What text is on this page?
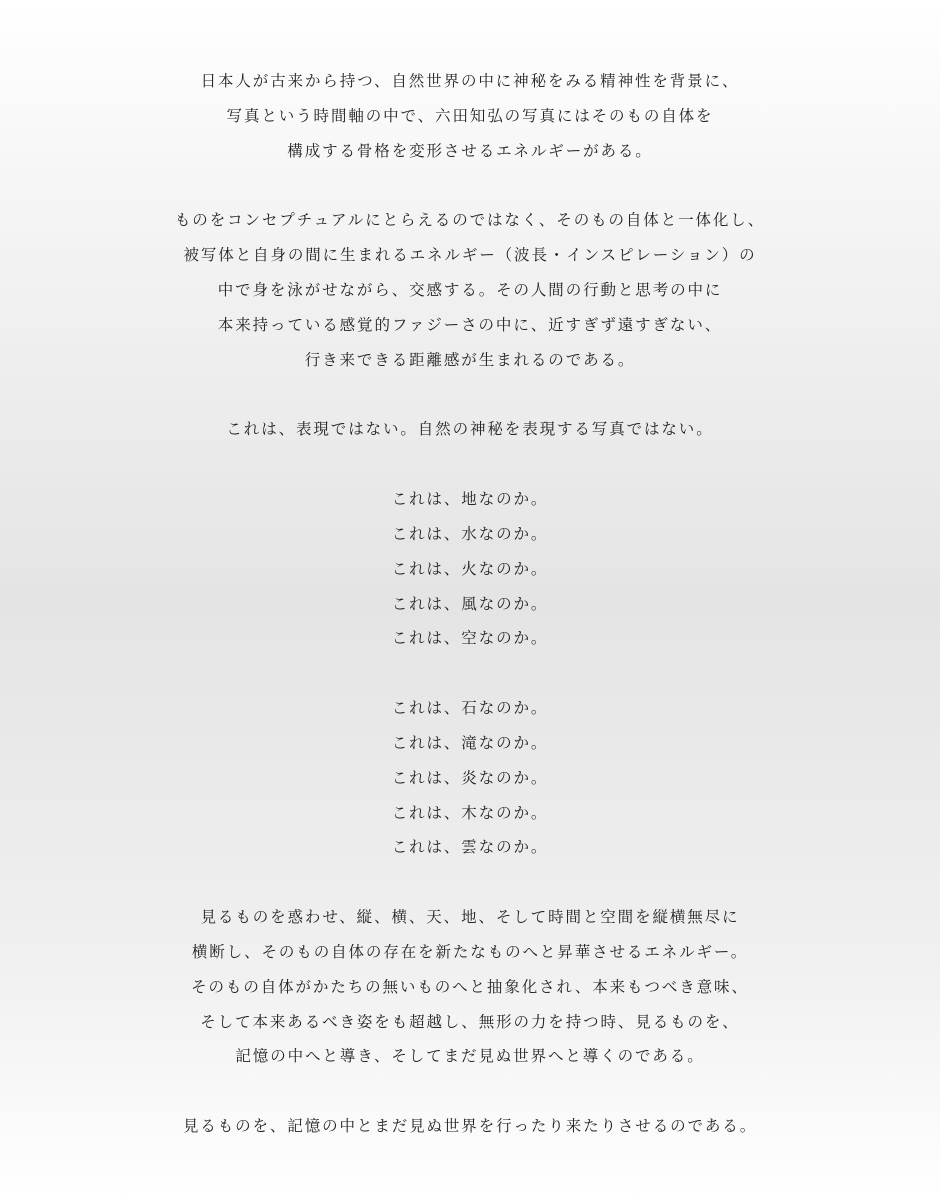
日本人が古来から持つ、自然世界の中に神秘をみる精神性を背景に、
写真という時間軸の中で、六田知弘の写真にはそのもの自体を
構成する骨格を変形させるエネルギーがある。
ものをコンセプチュアルにとらえるのではなく、そのもの自体と一体化し、
被写体と自身の間に生まれるエネルギー（波長・インスピレーション）の
中で身を泳がせながら、交感する。その人間の行動と思考の中に
本来持っている感覚的ファジーさの中に、近すぎず遠すぎない、
行き来できる距離感が生まれるのである。
これは、表現ではない。自然の神秘を表現する写真ではない。
これは、地なのか。
これは、水なのか。
これは、火なのか。
これは、風なのか。
これは、空なのか。
これは、石なのか。
これは、滝なのか。
これは、炎なのか。
これは、木なのか。
これは、雲なのか。
見るものを惑わせ、縦、横、天、地、そして時間と空間を縦横無尽に
横断し、そのもの自体の存在を新たなものへと昇華させるエネルギー。
そのもの自体がかたちの無いものへと抽象化され、本来もつべき意味、
そして本来あるべき姿をも超越し、無形の力を持つ時、見るものを、
記憶の中へと導き、そしてまだ見ぬ世界へと導くのである。
見るものを、記憶の中とまだ見ぬ世界を行ったり来たりさせるのである。
